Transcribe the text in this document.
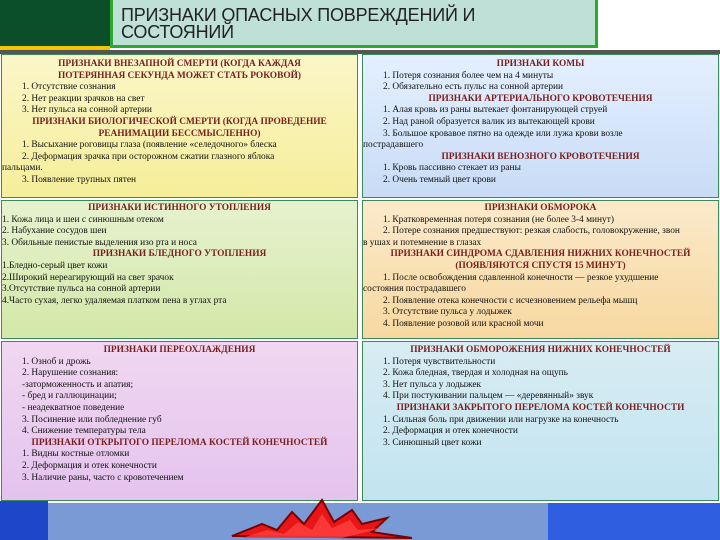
ПРИЗНАКИ ОПАСНЫХ ПОВРЕЖДЕНИЙ И
СОСТОЯНИЙ

ПРИЗНАКИ ВНЕЗАПНОЙ СМЕРТИ (КОГДА КАЖДАЯ

ПОТЕРЯННАЯ СЕКУНДА МОЖЕТ СТАТЬ РОКОВОЙ)

1. Отсутствие сознания

2. Нет реакции зрачков на свет

3. Нет пульса на сонной артерии

ПРИЗНАКИ БИОЛОГИЧЕСКОЙ СМЕРТИ (КОГДА ПРОВЕДЕНИЕ

РЕАНИМАЦИИ БЕССМЫСЛЕННО)

1. Высыхание роговицы глаза (появление «селедочного» блеска

2. Деформация зрачка при осторожном сжатии глазного яблока

пальцами.

3. Появление трупных пятен

ПРИЗНАКИ КОМЫ

1. Потеря сознания более чем на 4 минуты

2. Обязательно есть пульс на сонной артерии

ПРИЗНАКИ АРТЕРИАЛЬНОГО КРОВОТЕЧЕНИЯ

1. Алая кровь из раны вытекает фонтанирующей струей

2. Над раной образуется валик из вытекающей крови

3. Большое кровавое пятно на одежде или лужа крови возле

пострадавшего

ПРИЗНАКИ ВЕНОЗНОГО КРОВОТЕЧЕНИЯ

1. Кровь пассивно стекает из раны

2. Очень темный цвет крови

ПРИЗНАКИ ИСТИННОГО УТОПЛЕНИЯ

1. Кожа лица и шеи с синюшным отеком

2. Набухание сосудов шеи

3. Обильные пенистые выделения изо рта и носа

ПРИЗНАКИ БЛЕДНОГО УТОПЛЕНИЯ

1.Бледно-серый цвет кожи

2.Широкий нереагирующий на свет зрачок

3.Отсутствие пульса на сонной артерии

4.Часто сухая, легко удаляемая платком пена в углах рта

ПРИЗНАКИ ОБМОРОКА

1. Кратковременная потеря сознания (не более 3-4 минут)

2. Потере сознания предшествуют: резкая слабость, головокружение, звон

в ушах и потемнение в глазах

ПРИЗНАКИ СИНДРОМА СДАВЛЕНИЯ НИЖНИХ КОНЕЧНОСТЕЙ

(ПОЯВЛЯЮТСЯ СПУСТЯ 15 МИНУТ)

1. После освобождения сдавленной конечности — резкое ухудшение

состояния пострадавшего

2. Появление отека конечности с исчезновением рельефа мышц

3. Отсутствие пульса у лодыжек

4. Появление розовой или красной мочи

ПРИЗНАКИ ПЕРЕОХЛАЖДЕНИЯ

1. Озноб и дрожь

2. Нарушение сознания:

-заторможенность и апатия;

- бред и галлюцинации;

- неадекватное поведение

3. Посинение или побледнение губ

4. Снижение температуры тела

ПРИЗНАКИ ОТКРЫТОГО ПЕРЕЛОМА КОСТЕЙ КОНЕЧНОСТЕЙ

1. Видны костные отломки

2. Деформация и отек конечности

3. Наличие раны, часто с кровотечением

ПРИЗНАКИ ОБМОРОЖЕНИЯ НИЖНИХ КОНЕЧНОСТЕЙ

1. Потеря чувствительности

2. Кожа бледная, твердая и холодная на ощупь

3. Нет пульса у лодыжек

4. При постукивании пальцем — «деревянный» звук

ПРИЗНАКИ ЗАКРЫТОГО ПЕРЕЛОМА КОСТЕЙ КОНЕЧНОСТИ

1. Сильная боль при движении или нагрузке на конечность

2. Деформация и отек конечности

3. Синюшный цвет кожи
